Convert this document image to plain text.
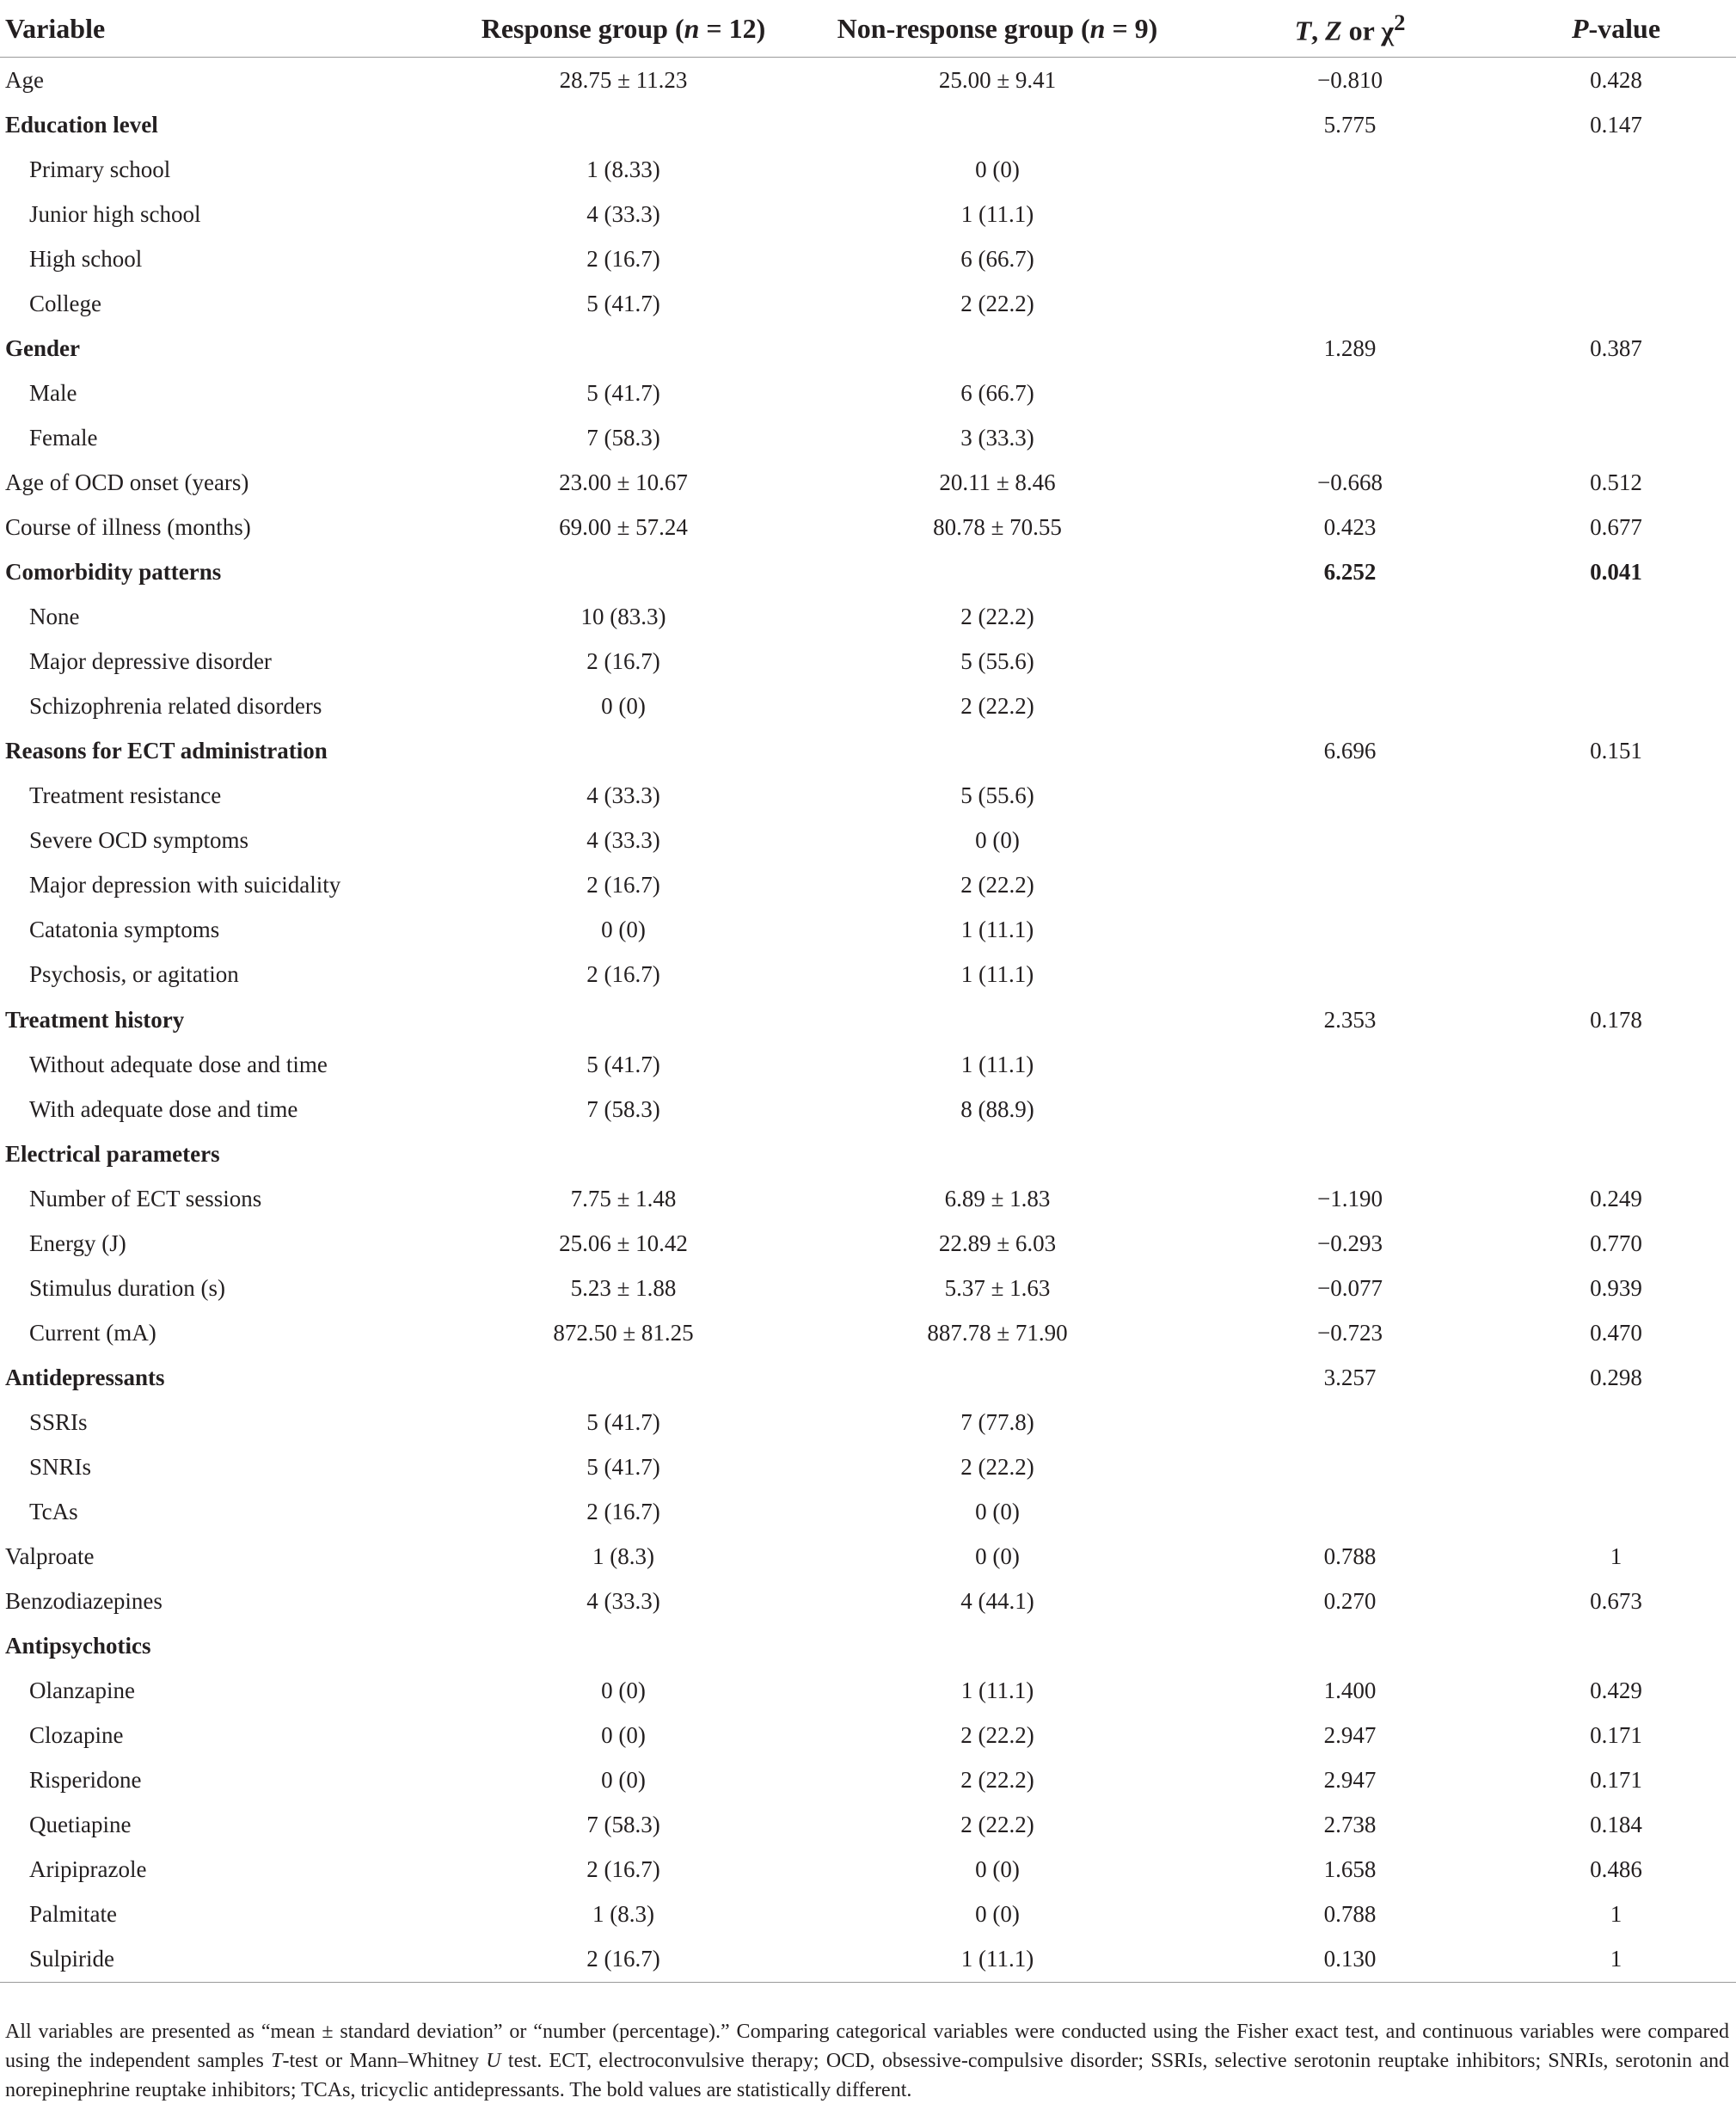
Variable	Response group (n = 12)	Non-response group (n = 9)	T, Z or $\chi^2$	P-value
Age	28.75 ± 11.23	25.00 ± 9.41	−0.810	0.428
Education level			5.775	0.147
Primary school	1 (8.33)	0 (0)		
Junior high school	4 (33.3)	1 (11.1)		
High school	2 (16.7)	6 (66.7)		
College	5 (41.7)	2 (22.2)		
Gender			1.289	0.387
Male	5 (41.7)	6 (66.7)		
Female	7 (58.3)	3 (33.3)		
Age of OCD onset (years)	23.00 ± 10.67	20.11 ± 8.46	−0.668	0.512
Course of illness (months)	69.00 ± 57.24	80.78 ± 70.55	0.423	0.677
Comorbidity patterns			6.252	0.041
None	10 (83.3)	2 (22.2)		
Major depressive disorder	2 (16.7)	5 (55.6)		
Schizophrenia related disorders	0 (0)	2 (22.2)		
Reasons for ECT administration			6.696	0.151
Treatment resistance	4 (33.3)	5 (55.6)		
Severe OCD symptoms	4 (33.3)	0 (0)		
Major depression with suicidality	2 (16.7)	2 (22.2)		
Catatonia symptoms	0 (0)	1 (11.1)		
Psychosis, or agitation	2 (16.7)	1 (11.1)		
Treatment history			2.353	0.178
Without adequate dose and time	5 (41.7)	1 (11.1)		
With adequate dose and time	7 (58.3)	8 (88.9)		
Electrical parameters				
Number of ECT sessions	7.75 ± 1.48	6.89 ± 1.83	−1.190	0.249
Energy (J)	25.06 ± 10.42	22.89 ± 6.03	−0.293	0.770
Stimulus duration (s)	5.23 ± 1.88	5.37 ± 1.63	−0.077	0.939
Current (mA)	872.50 ± 81.25	887.78 ± 71.90	−0.723	0.470
Antidepressants			3.257	0.298
SSRIs	5 (41.7)	7 (77.8)		
SNRIs	5 (41.7)	2 (22.2)		
TcAs	2 (16.7)	0 (0)		
Valproate	1 (8.3)	0 (0)	0.788	1
Benzodiazepines	4 (33.3)	4 (44.1)	0.270	0.673
Antipsychotics				
Olanzapine	0 (0)	1 (11.1)	1.400	0.429
Clozapine	0 (0)	2 (22.2)	2.947	0.171
Risperidone	0 (0)	2 (22.2)	2.947	0.171
Quetiapine	7 (58.3)	2 (22.2)	2.738	0.184
Aripiprazole	2 (16.7)	0 (0)	1.658	0.486
Palmitate	1 (8.3)	0 (0)	0.788	1
Sulpiride	2 (16.7)	1 (11.1)	0.130	1
All variables are presented as “mean ± standard deviation” or “number (percentage).” Comparing categorical variables were conducted using the Fisher exact test, and continuous variables were compared using the independent samples T-test or Mann–Whitney U test. ECT, electroconvulsive therapy; OCD, obsessive-compulsive disorder; SSRIs, selective serotonin reuptake inhibitors; SNRIs, serotonin and norepinephrine reuptake inhibitors; TCAs, tricyclic antidepressants. The bold values are statistically different.
